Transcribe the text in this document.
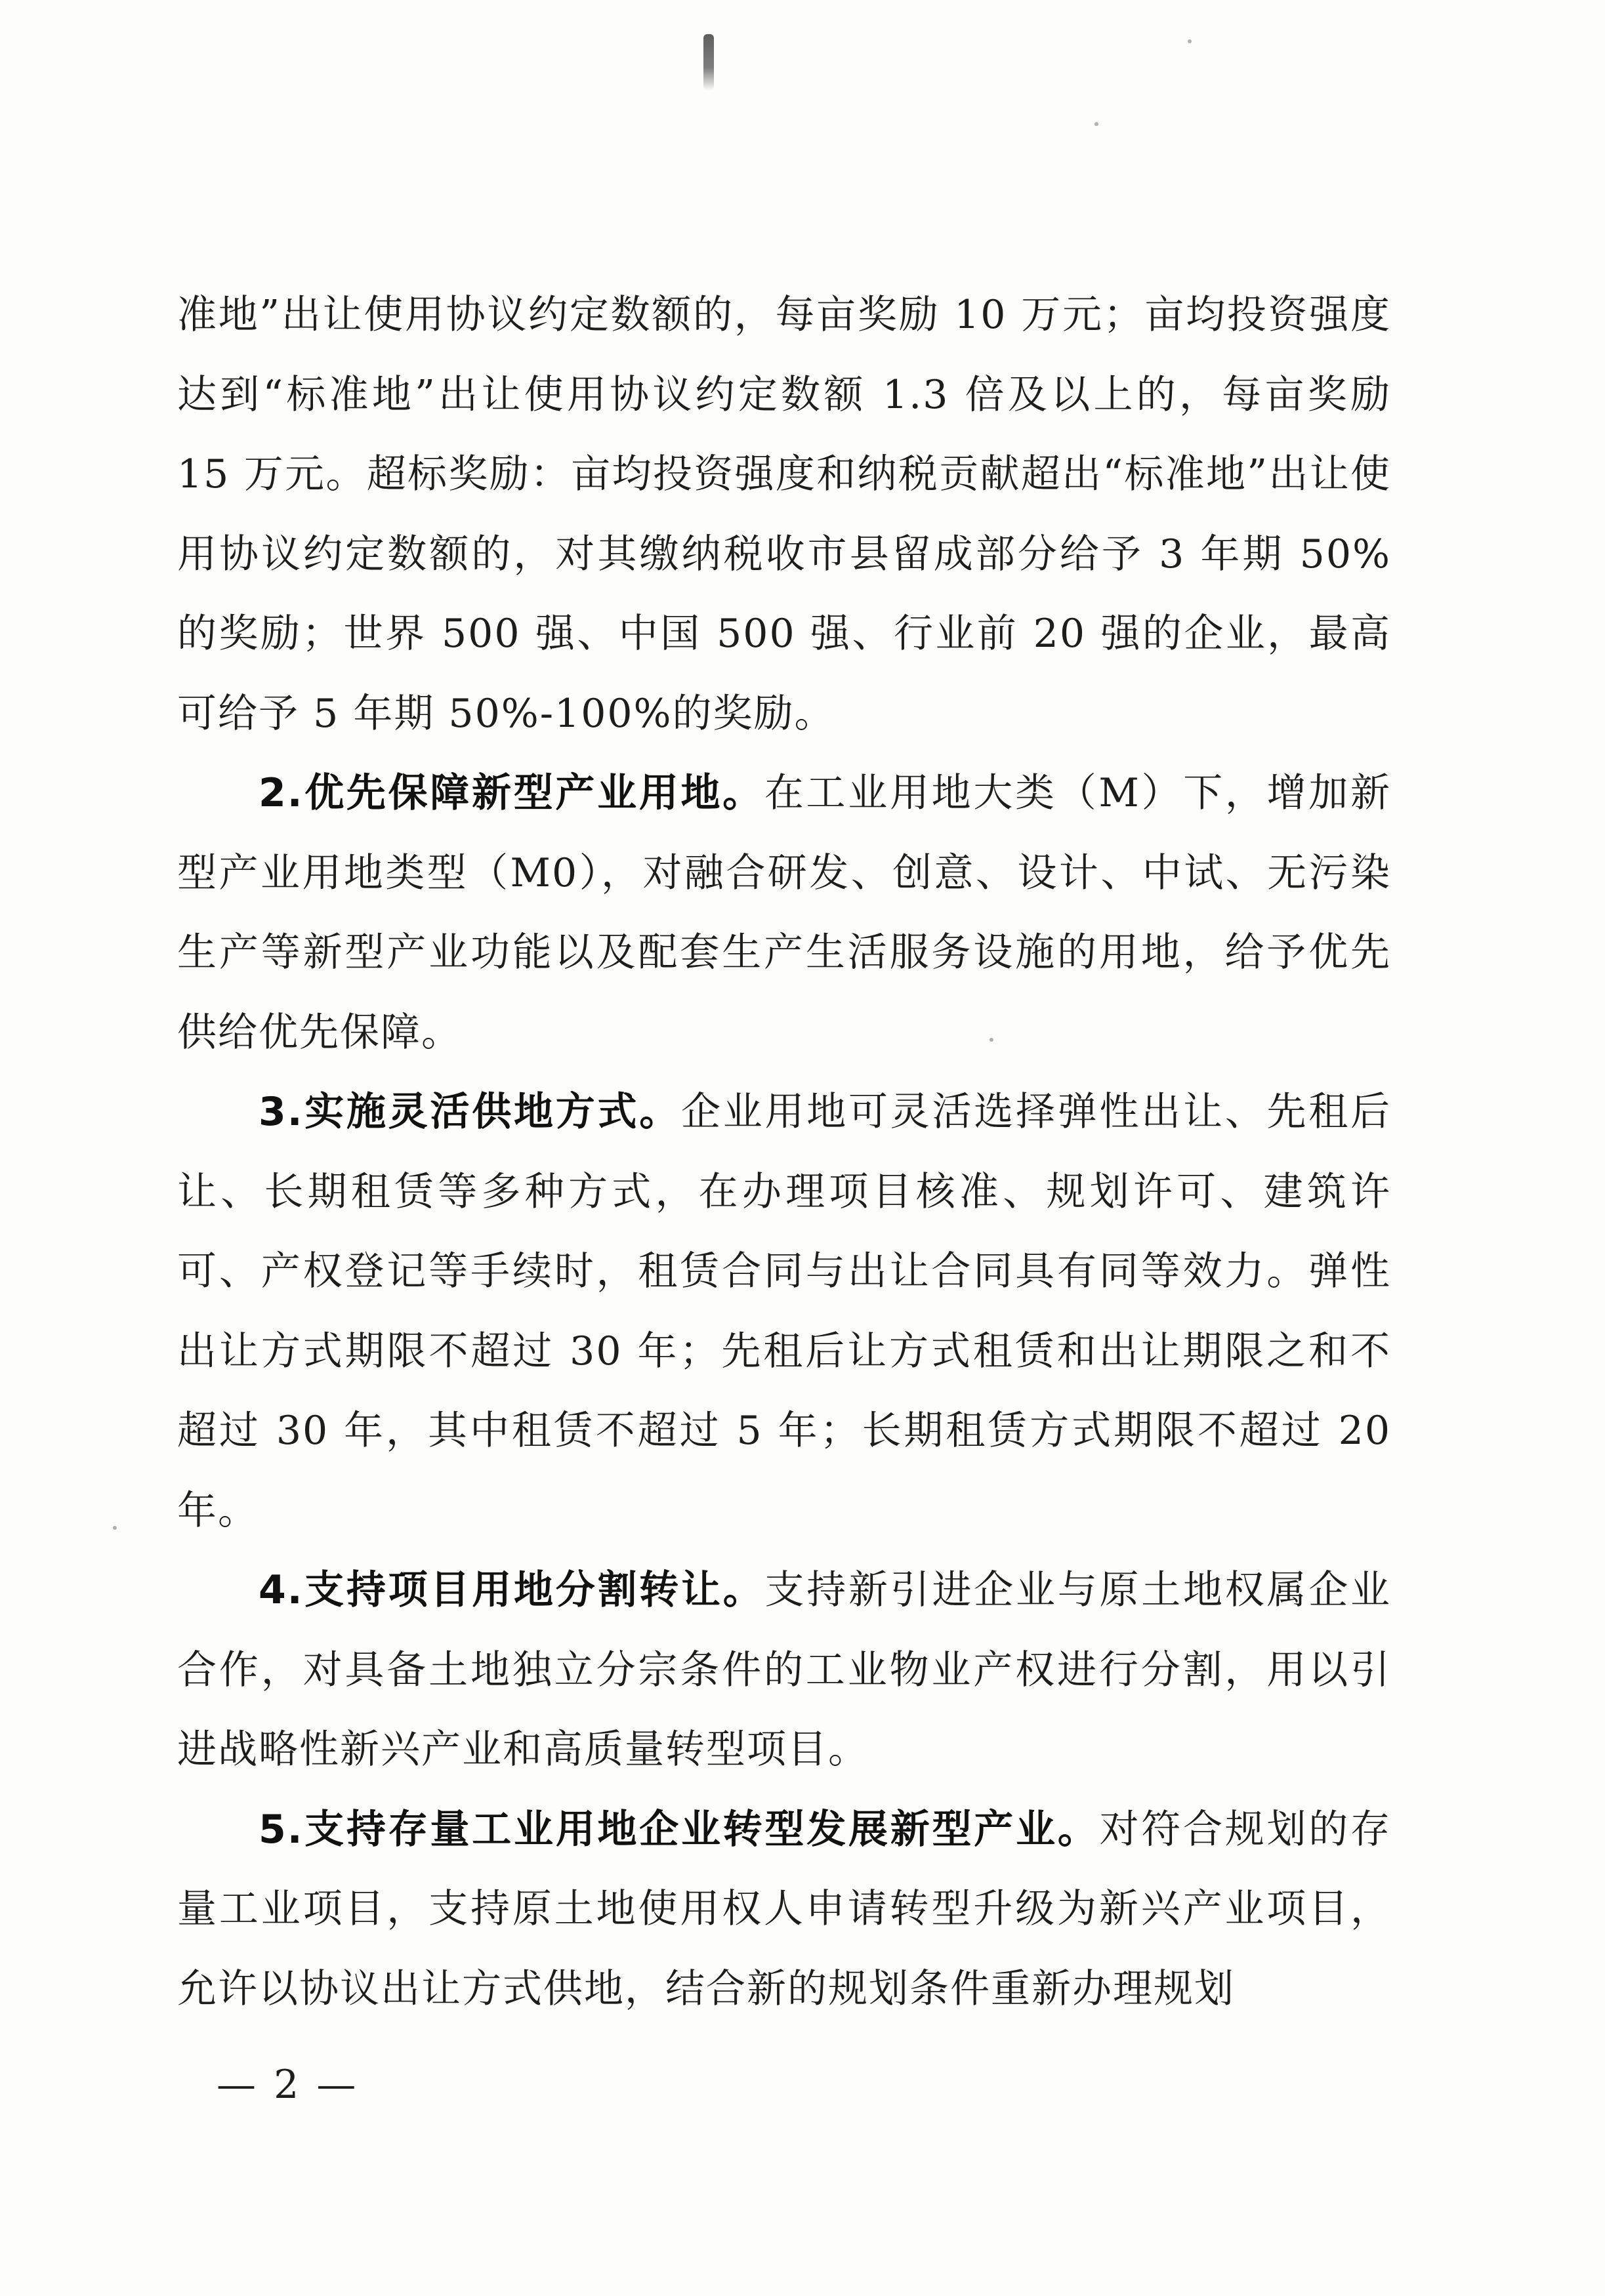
准地”出让使用协议约定数额的，每亩奖励 10 万元；亩均投资强度达到“标准地”出让使用协议约定数额 1.3 倍及以上的，每亩奖励 15 万元。超标奖励：亩均投资强度和纳税贡献超出“标准地”出让使用协议约定数额的，对其缴纳税收市县留成部分给予 3 年期 50%的奖励；世界 500 强、中国 500 强、行业前 20 强的企业，最高可给予 5 年期 50%-100%的奖励。

2.优先保障新型产业用地。在工业用地大类（M）下，增加新型产业用地类型（M0），对融合研发、创意、设计、中试、无污染生产等新型产业功能以及配套生产生活服务设施的用地，给予优先供给优先保障。

3.实施灵活供地方式。企业用地可灵活选择弹性出让、先租后让、长期租赁等多种方式，在办理项目核准、规划许可、建筑许可、产权登记等手续时，租赁合同与出让合同具有同等效力。弹性出让方式期限不超过 30 年；先租后让方式租赁和出让期限之和不超过 30 年，其中租赁不超过 5 年；长期租赁方式期限不超过 20 年。

4.支持项目用地分割转让。支持新引进企业与原土地权属企业合作，对具备土地独立分宗条件的工业物业产权进行分割，用以引进战略性新兴产业和高质量转型项目。

5.支持存量工业用地企业转型发展新型产业。对符合规划的存量工业项目，支持原土地使用权人申请转型升级为新兴产业项目，允许以协议出让方式供地，结合新的规划条件重新办理规划

— 2 —
